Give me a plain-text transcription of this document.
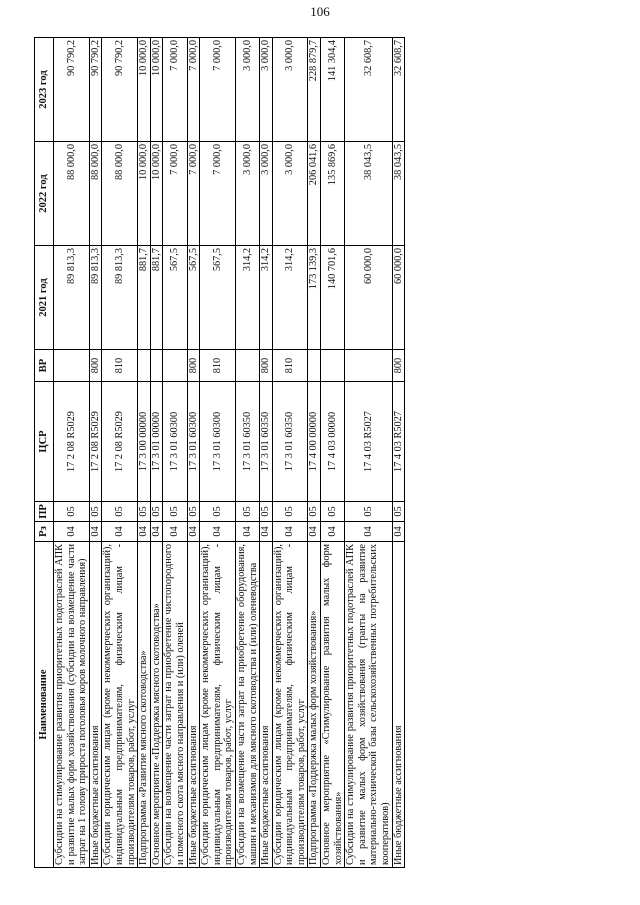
106
Наименование	Рз	ПР	ЦСР	ВР	2021 год	2022 год	2023 год
Субсидии на стимулирование развития приоритетных подотраслей АПК и развитие малых форм хозяйствования (субсидии на возмещение части затрат на 1 голову прироста поголовья коров молочного направления)	04	05	17 2 08 R5029		89 813,3	88 000,0	90 790,2
Иные бюджетные ассигнования	04	05	17 2 08 R5029	800	89 813,3	88 000,0	90 790,2
Субсидии юридическим лицам (кроме некоммерческих организаций), индивидуальным предпринимателям, физическим лицам - производителям товаров, работ, услуг	04	05	17 2 08 R5029	810	89 813,3	88 000,0	90 790,2
Подпрограмма «Развитие мясного скотоводства»	04	05	17 3 00 00000		881,7	10 000,0	10 000,0
Основное мероприятие «Поддержка мясного скотоводства»	04	05	17 3 01 00000		881,7	10 000,0	10 000,0
Субсидии на возмещение части затрат на приобретение чистопородного и помесного скота мясного направления и (или) оленей	04	05	17 3 01 60300		567,5	7 000,0	7 000,0
Иные бюджетные ассигнования	04	05	17 3 01 60300	800	567,5	7 000,0	7 000,0
Субсидии юридическим лицам (кроме некоммерческих организаций), индивидуальным предпринимателям, физическим лицам - производителям товаров, работ, услуг	04	05	17 3 01 60300	810	567,5	7 000,0	7 000,0
Субсидии на возмещение части затрат на приобретение оборудования, машин и механизмов для мясного скотоводства и (или) оленеводства	04	05	17 3 01 60350		314,2	3 000,0	3 000,0
Иные бюджетные ассигнования	04	05	17 3 01 60350	800	314,2	3 000,0	3 000,0
Субсидии юридическим лицам (кроме некоммерческих организаций), индивидуальным предпринимателям, физическим лицам - производителям товаров, работ, услуг	04	05	17 3 01 60350	810	314,2	3 000,0	3 000,0
Подпрограмма «Поддержка малых форм хозяйствования»	04	05	17 4 00 00000		173 139,3	206 041,6	228 879,7
Основное мероприятие «Стимулирование развития малых форм хозяйствования»	04	05	17 4 03 00000		140 701,6	135 869,6	141 304,4
Субсидии на стимулирование развития приоритетных подотраслей АПК и развитие малых форм хозяйствования (гранты на развитие материально-технической базы сельскохозяйственных потребительских кооперативов)	04	05	17 4 03 R5027		60 000,0	38 043,5	32 608,7
Иные бюджетные ассигнования	04	05	17 4 03 R5027	800	60 000,0	38 043,5	32 608,7
